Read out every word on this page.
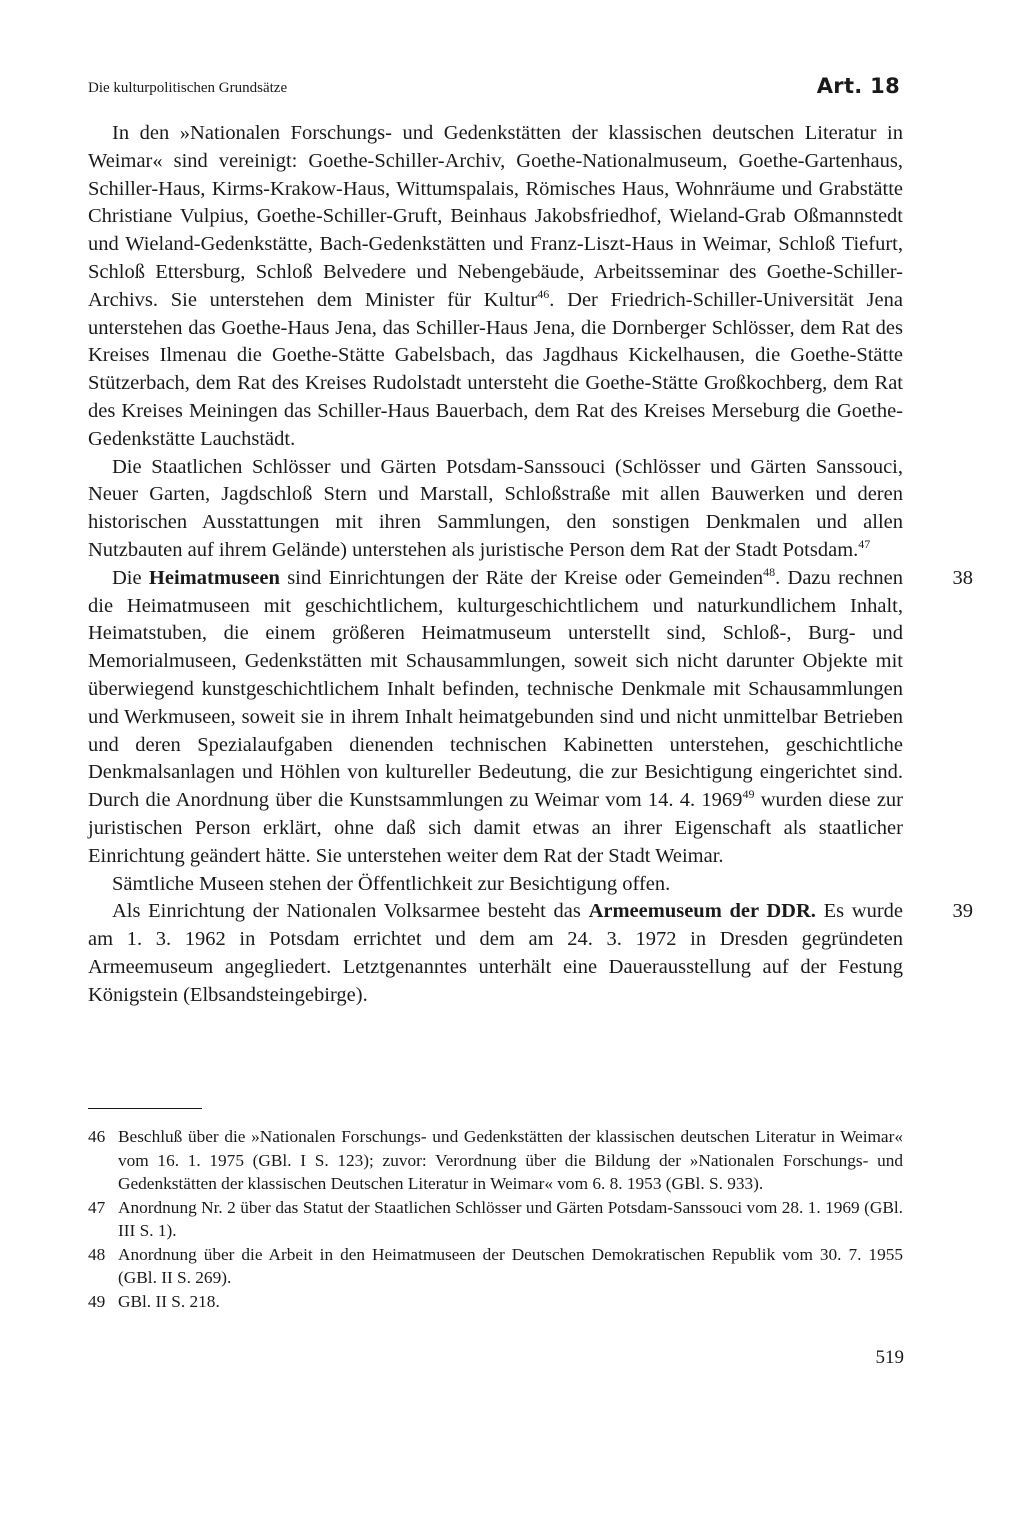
Die kulturpolitischen Grundsätze	Art. 18

In den »Nationalen Forschungs- und Gedenkstätten der klassischen deutschen Literatur in Weimar« sind vereinigt: Goethe-Schiller-Archiv, Goethe-Nationalmuseum, Goethe-Gartenhaus, Schiller-Haus, Kirms-Krakow-Haus, Wittumspalais, Römisches Haus, Wohnräume und Grabstätte Christiane Vulpius, Goethe-Schiller-Gruft, Beinhaus Jakobsfriedhof, Wieland-Grab Oßmannstedt und Wieland-Gedenkstätte, Bach-Gedenkstätten und Franz-Liszt-Haus in Weimar, Schloß Tiefurt, Schloß Ettersburg, Schloß Belvedere und Nebengebäude, Arbeitsseminar des Goethe-Schiller-Archivs. Sie unterstehen dem Minister für Kultur$^{46}$. Der Friedrich-Schiller-Universität Jena unterstehen das Goethe-Haus Jena, das Schiller-Haus Jena, die Dornberger Schlösser, dem Rat des Kreises Ilmenau die Goethe-Stätte Gabelsbach, das Jagdhaus Kickelhausen, die Goethe-Stätte Stützerbach, dem Rat des Kreises Rudolstadt untersteht die Goethe-Stätte Großkochberg, dem Rat des Kreises Meiningen das Schiller-Haus Bauerbach, dem Rat des Kreises Merseburg die Goethe-Gedenkstätte Lauchstädt.

Die Staatlichen Schlösser und Gärten Potsdam-Sanssouci (Schlösser und Gärten Sanssouci, Neuer Garten, Jagdschloß Stern und Marstall, Schloßstraße mit allen Bauwerken und deren historischen Ausstattungen mit ihren Sammlungen, den sonstigen Denkmalen und allen Nutzbauten auf ihrem Gelände) unterstehen als juristische Person dem Rat der Stadt Potsdam.$^{47}$

Die Heimatmuseen sind Einrichtungen der Räte der Kreise oder Gemeinden$^{48}$. Dazu rechnen die Heimatmuseen mit geschichtlichem, kulturgeschichtlichem und naturkundlichem Inhalt, Heimatstuben, die einem größeren Heimatmuseum unterstellt sind, Schloß-, Burg- und Memorialmuseen, Gedenkstätten mit Schausammlungen, soweit sich nicht darunter Objekte mit überwiegend kunstgeschichtlichem Inhalt befinden, technische Denkmale mit Schausammlungen und Werkmuseen, soweit sie in ihrem Inhalt heimatgebunden sind und nicht unmittelbar Betrieben und deren Spezialaufgaben dienenden technischen Kabinetten unterstehen, geschichtliche Denkmalsanlagen und Höhlen von kultureller Bedeutung, die zur Besichtigung eingerichtet sind. Durch die Anordnung über die Kunstsammlungen zu Weimar vom 14. 4. 1969$^{49}$ wurden diese zur juristischen Person erklärt, ohne daß sich damit etwas an ihrer Eigenschaft als staatlicher Einrichtung geändert hätte. Sie unterstehen weiter dem Rat der Stadt Weimar.
38

Sämtliche Museen stehen der Öffentlichkeit zur Besichtigung offen.

Als Einrichtung der Nationalen Volksarmee besteht das Armeemuseum der DDR. Es wurde am 1. 3. 1962 in Potsdam errichtet und dem am 24. 3. 1972 in Dresden gegründeten Armeemuseum angegliedert. Letztgenanntes unterhält eine Dauerausstellung auf der Festung Königstein (Elbsandsteingebirge).
39

46 Beschluß über die »Nationalen Forschungs- und Gedenkstätten der klassischen deutschen Literatur in Weimar« vom 16. 1. 1975 (GBl. I S. 123); zuvor: Verordnung über die Bildung der »Nationalen Forschungs- und Gedenkstätten der klassischen Deutschen Literatur in Weimar« vom 6. 8. 1953 (GBl. S. 933).
47 Anordnung Nr. 2 über das Statut der Staatlichen Schlösser und Gärten Potsdam-Sanssouci vom 28. 1. 1969 (GBl. III S. 1).
48 Anordnung über die Arbeit in den Heimatmuseen der Deutschen Demokratischen Republik vom 30. 7. 1955 (GBl. II S. 269).
49 GBl. II S. 218.
519
